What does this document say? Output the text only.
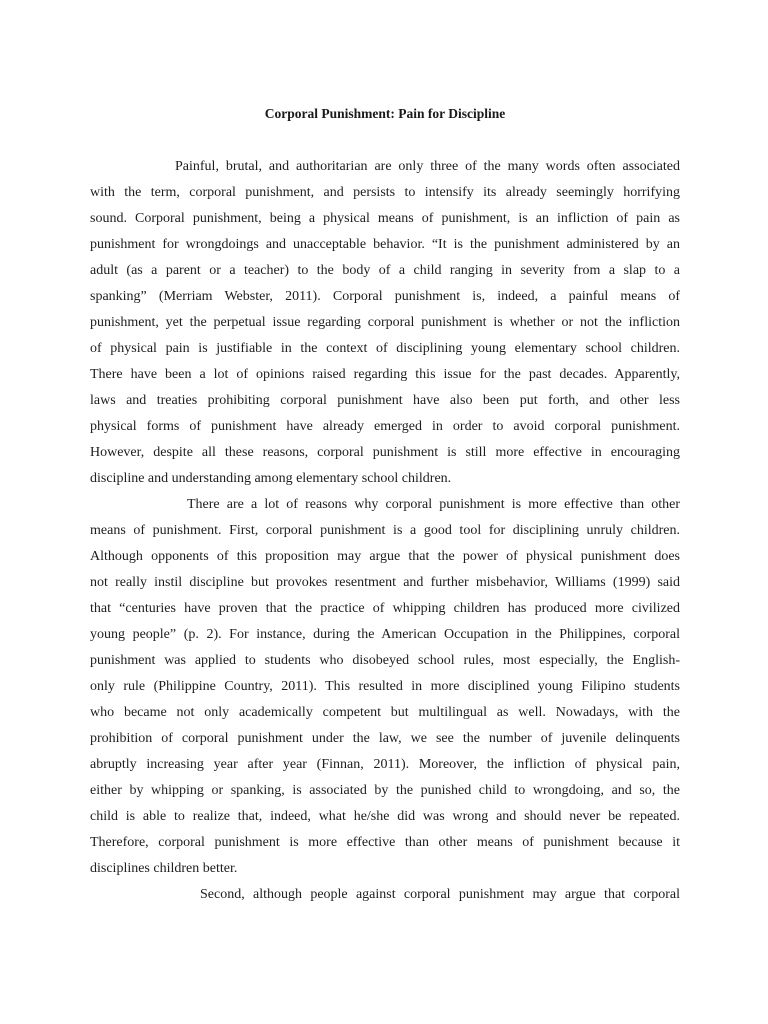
Corporal Punishment: Pain for Discipline
Painful, brutal, and authoritarian are only three of the many words often associated
with the term, corporal punishment, and persists to intensify its already seemingly horrifying
sound. Corporal punishment, being a physical means of punishment, is an infliction of pain as
punishment for wrongdoings and unacceptable behavior. “It is the punishment administered by an
adult (as a parent or a teacher) to the body of a child ranging in severity from a slap to a
spanking” (Merriam Webster, 2011). Corporal punishment is, indeed, a painful means of
punishment, yet the perpetual issue regarding corporal punishment is whether or not the infliction
of physical pain is justifiable in the context of disciplining young elementary school children.
There have been a lot of opinions raised regarding this issue for the past decades. Apparently,
laws and treaties prohibiting corporal punishment have also been put forth, and other less
physical forms of punishment have already emerged in order to avoid corporal punishment.
However, despite all these reasons, corporal punishment is still more effective in encouraging
discipline and understanding among elementary school children.
There are a lot of reasons why corporal punishment is more effective than other
means of punishment. First, corporal punishment is a good tool for disciplining unruly children.
Although opponents of this proposition may argue that the power of physical punishment does
not really instil discipline but provokes resentment and further misbehavior, Williams (1999) said
that “centuries have proven that the practice of whipping children has produced more civilized
young people” (p. 2). For instance, during the American Occupation in the Philippines, corporal
punishment was applied to students who disobeyed school rules, most especially, the English-
only rule (Philippine Country, 2011). This resulted in more disciplined young Filipino students
who became not only academically competent but multilingual as well. Nowadays, with the
prohibition of corporal punishment under the law, we see the number of juvenile delinquents
abruptly increasing year after year (Finnan, 2011). Moreover, the infliction of physical pain,
either by whipping or spanking, is associated by the punished child to wrongdoing, and so, the
child is able to realize that, indeed, what he/she did was wrong and should never be repeated.
Therefore, corporal punishment is more effective than other means of punishment because it
disciplines children better.
Second, although people against corporal punishment may argue that corporal
